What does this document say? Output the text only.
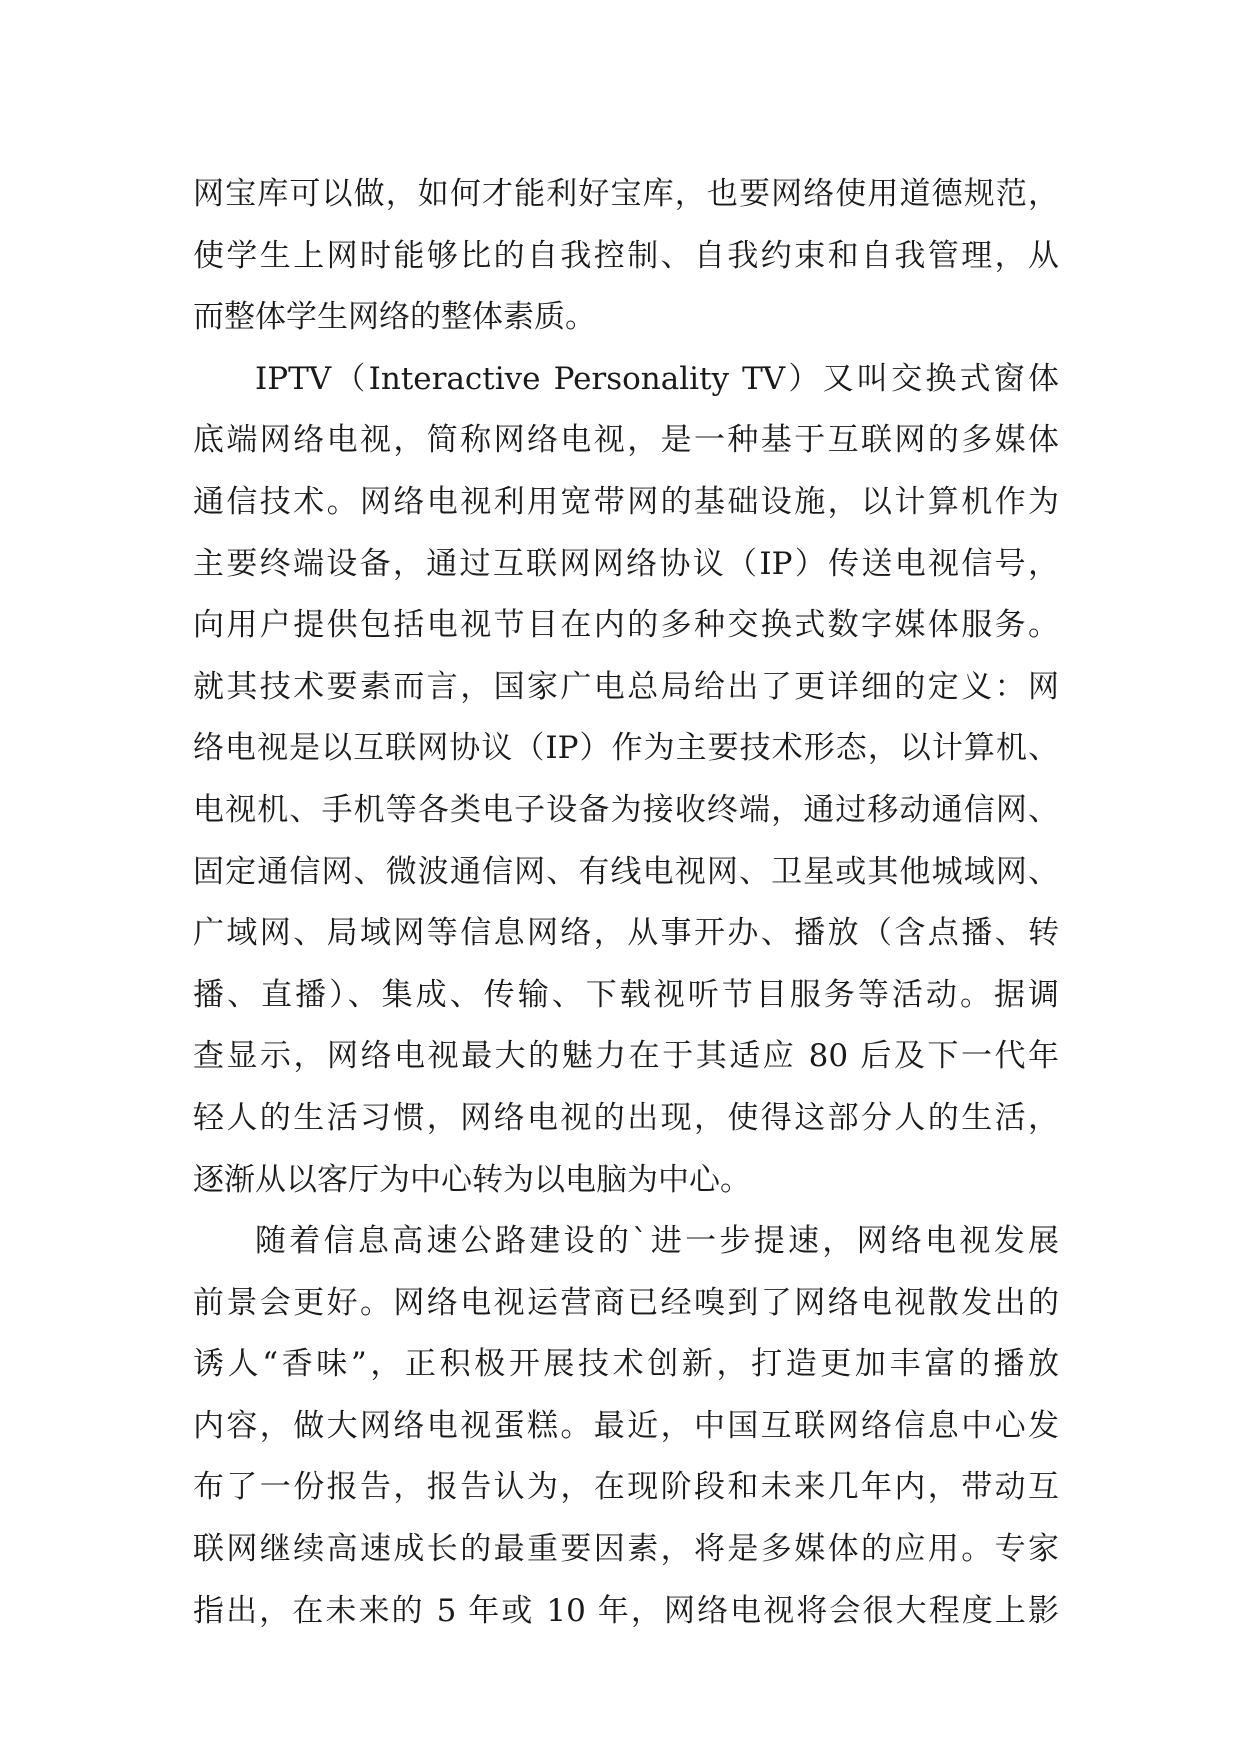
网宝库可以做，如何才能利好宝库，也要网络使用道德规范，
使学生上网时能够比的自我控制、自我约束和自我管理，从
而整体学生网络的整体素质。
IPTV（Interactive Personality TV）又叫交换式窗体
底端网络电视，简称网络电视，是一种基于互联网的多媒体
通信技术。网络电视利用宽带网的基础设施，以计算机作为
主要终端设备，通过互联网网络协议（IP）传送电视信号，
向用户提供包括电视节目在内的多种交换式数字媒体服务。
就其技术要素而言，国家广电总局给出了更详细的定义：网
络电视是以互联网协议（IP）作为主要技术形态，以计算机、
电视机、手机等各类电子设备为接收终端，通过移动通信网、
固定通信网、微波通信网、有线电视网、卫星或其他城域网、
广域网、局域网等信息网络，从事开办、播放（含点播、转
播、直播）、集成、传输、下载视听节目服务等活动。据调
查显示，网络电视最大的魅力在于其适应 80 后及下一代年
轻人的生活习惯，网络电视的出现，使得这部分人的生活，
逐渐从以客厅为中心转为以电脑为中心。
随着信息高速公路建设的`进一步提速，网络电视发展
前景会更好。网络电视运营商已经嗅到了网络电视散发出的
诱人“香味”，正积极开展技术创新，打造更加丰富的播放
内容，做大网络电视蛋糕。最近，中国互联网络信息中心发
布了一份报告，报告认为，在现阶段和未来几年内，带动互
联网继续高速成长的最重要因素，将是多媒体的应用。专家
指出，在未来的 5 年或 10 年，网络电视将会很大程度上影
